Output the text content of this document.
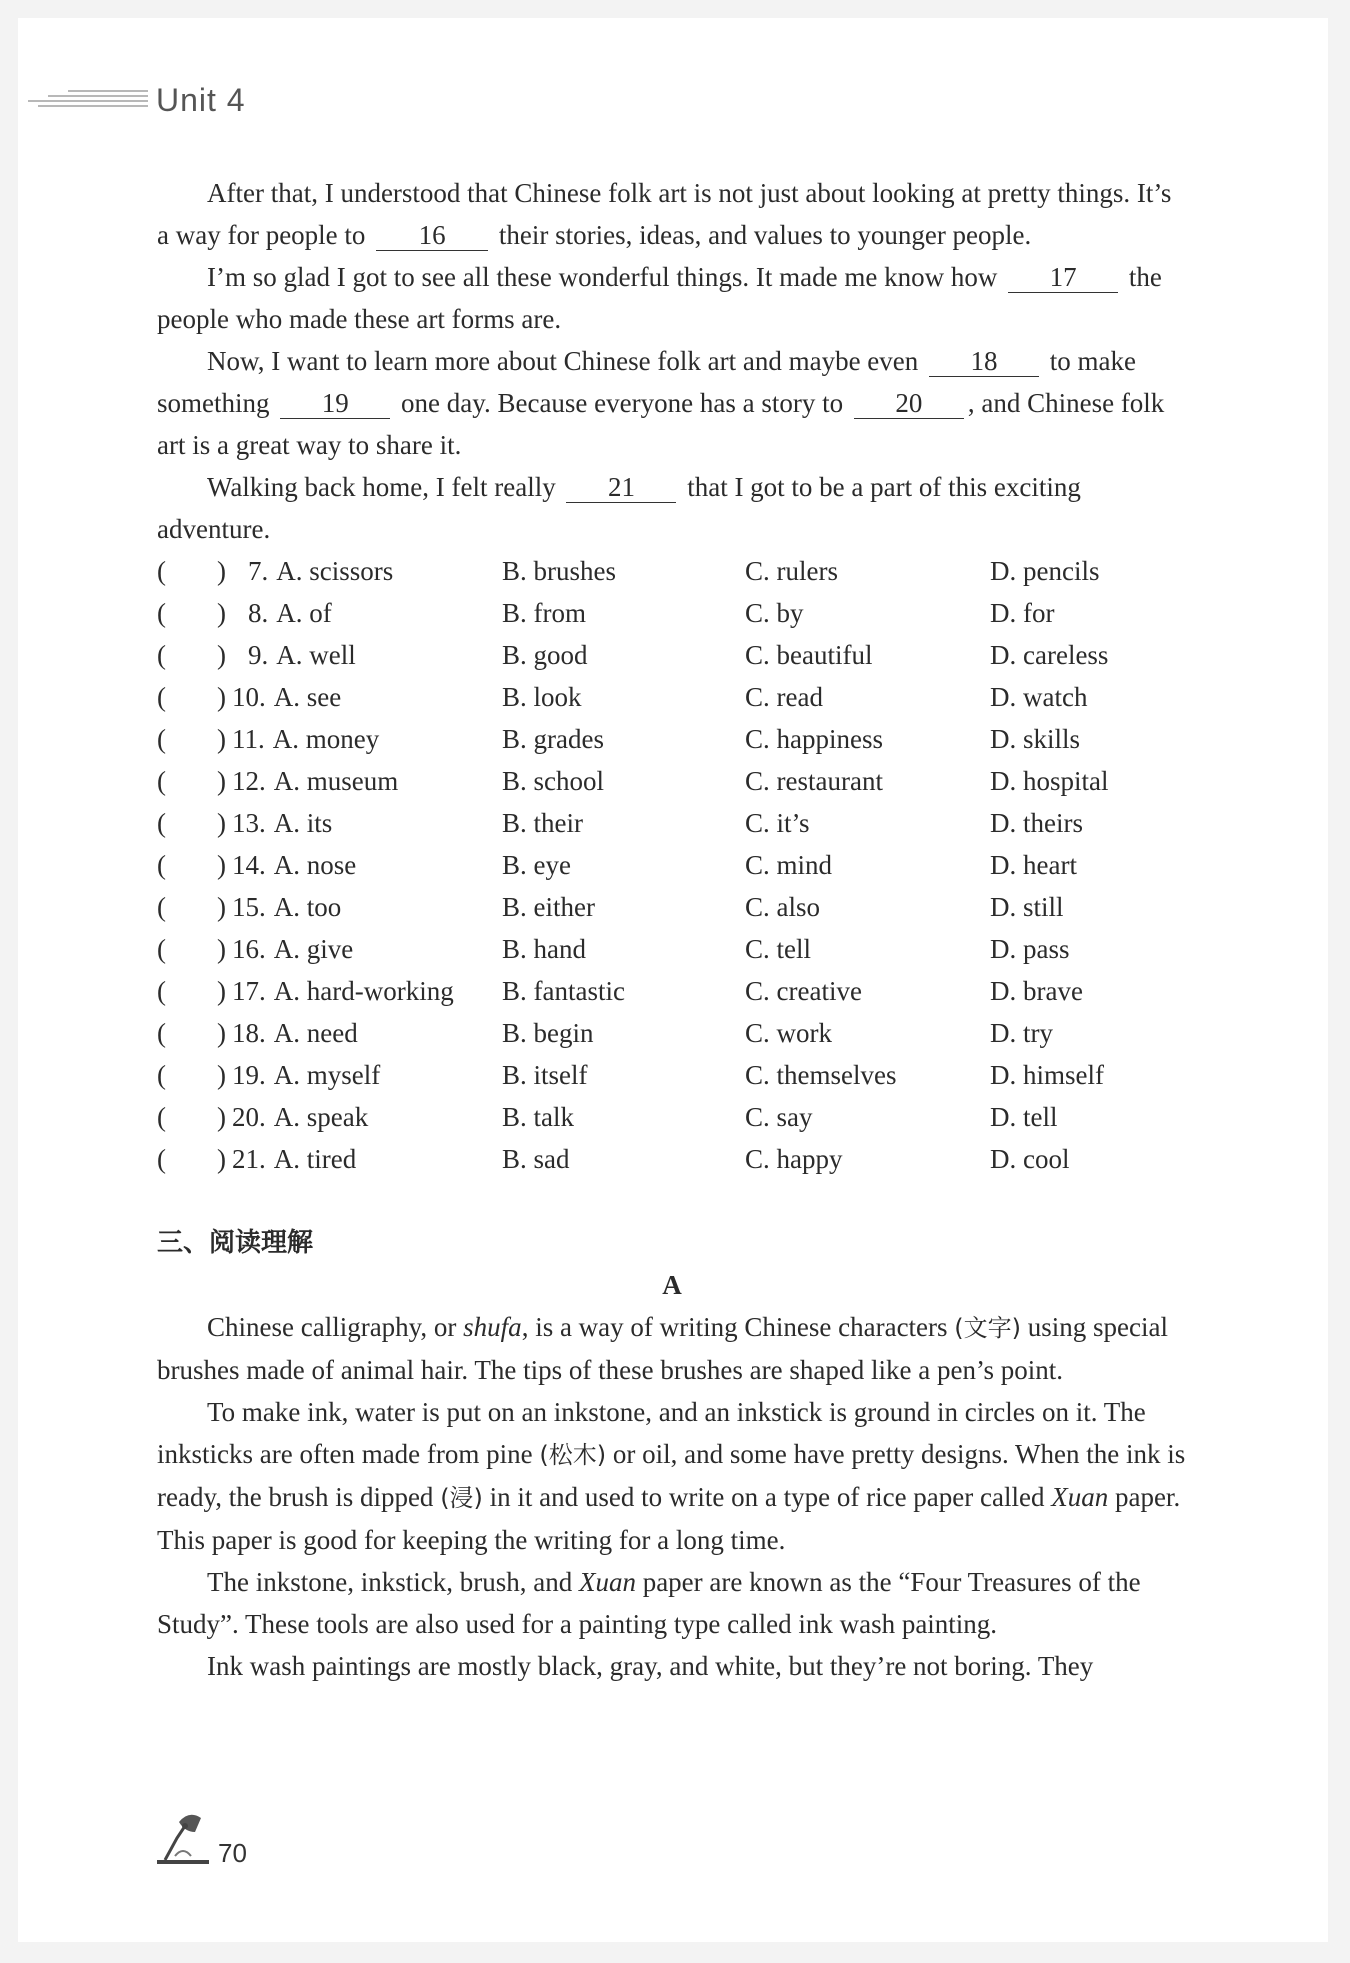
Unit 4

After that, I understood that Chinese folk art is not just about looking at pretty things. It’s a way for people to 16 their stories, ideas, and values to younger people.

I’m so glad I got to see all these wonderful things. It made me know how 17 the people who made these art forms are.

Now, I want to learn more about Chinese folk art and maybe even 18 to make something 19 one day. Because everyone has a story to 20 , and Chinese folk art is a great way to share it.

Walking back home, I felt really 21 that I got to be a part of this exciting adventure.

( ) 7. A. scissors	B. brushes	C. rulers	D. pencils
( ) 8. A. of	B. from	C. by	D. for
( ) 9. A. well	B. good	C. beautiful	D. careless
( ) 10. A. see	B. look	C. read	D. watch
( ) 11. A. money	B. grades	C. happiness	D. skills
( ) 12. A. museum	B. school	C. restaurant	D. hospital
( ) 13. A. its	B. their	C. it’s	D. theirs
( ) 14. A. nose	B. eye	C. mind	D. heart
( ) 15. A. too	B. either	C. also	D. still
( ) 16. A. give	B. hand	C. tell	D. pass
( ) 17. A. hard-working	B. fantastic	C. creative	D. brave
( ) 18. A. need	B. begin	C. work	D. try
( ) 19. A. myself	B. itself	C. themselves	D. himself
( ) 20. A. speak	B. talk	C. say	D. tell
( ) 21. A. tired	B. sad	C. happy	D. cool
三、阅读理解
A

Chinese calligraphy, or shufa, is a way of writing Chinese characters (文字) using special brushes made of animal hair. The tips of these brushes are shaped like a pen’s point.

To make ink, water is put on an inkstone, and an inkstick is ground in circles on it. The inksticks are often made from pine (松木) or oil, and some have pretty designs. When the ink is ready, the brush is dipped (浸) in it and used to write on a type of rice paper called Xuan paper. This paper is good for keeping the writing for a long time.

The inkstone, inkstick, brush, and Xuan paper are known as the “Four Treasures of the Study”. These tools are also used for a painting type called ink wash painting.

Ink wash paintings are mostly black, gray, and white, but they’re not boring. They

70
